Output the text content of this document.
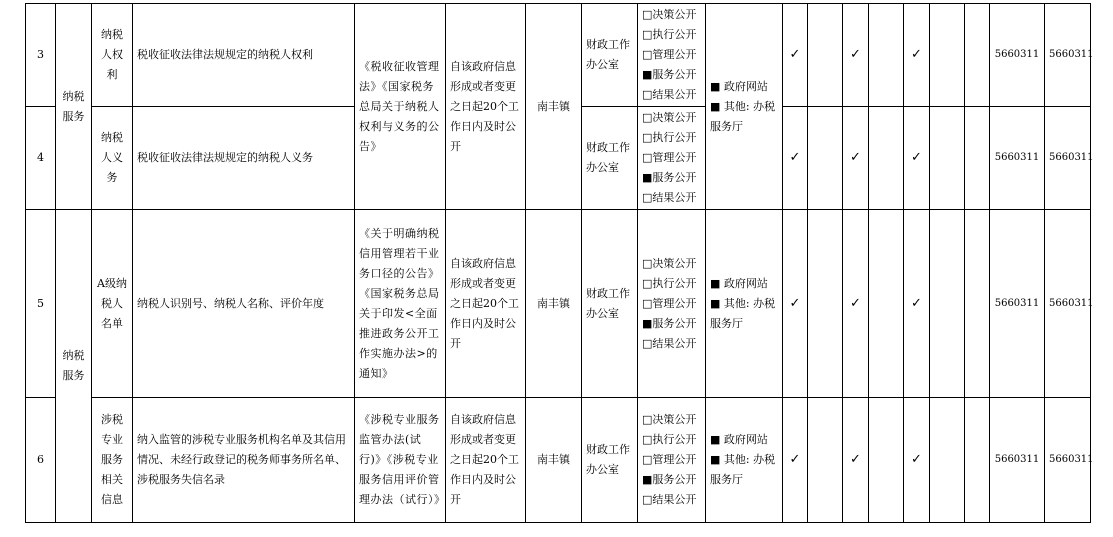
3	纳税服务	纳税人权利	税收征收法律法规规定的纳税人权利	《税收征收管理法》《国家税务总局关于纳税人权利与义务的公告》	自该政府信息形成或者变更之日起20个工作日内及时公开	南丰镇	财政工作办公室	□决策公开
□执行公开
□管理公开
■服务公开
□结果公开	■ 政府网站
■ 其他: 办税服务厅	✓		✓		✓			5660311	5660311
4		纳税人义务	税收征收法律法规规定的纳税人义务				财政工作办公室	□决策公开
□执行公开
□管理公开
■服务公开
□结果公开		✓		✓		✓			5660311	5660311
5	纳税服务	A级纳税人名单	纳税人识别号、纳税人名称、评价年度	《关于明确纳税信用管理若干业务口径的公告》《国家税务总局关于印发<全面推进政务公开工作实施办法>的通知》	自该政府信息形成或者变更之日起20个工作日内及时公开	南丰镇	财政工作办公室	□决策公开
□执行公开
□管理公开
■服务公开
□结果公开	■ 政府网站
■ 其他: 办税服务厅	✓		✓		✓			5660311	5660311
6		涉税专业服务相关信息	纳入监管的涉税专业服务机构名单及其信用情况、未经行政登记的税务师事务所名单、涉税服务失信名录	《涉税专业服务监管办法(试行)》《涉税专业服务信用评价管理办法（试行）》	自该政府信息形成或者变更之日起20个工作日内及时公开	南丰镇	财政工作办公室	□决策公开
□执行公开
□管理公开
■服务公开
□结果公开	■ 政府网站
■ 其他: 办税服务厅	✓		✓		✓			5660311	5660311
